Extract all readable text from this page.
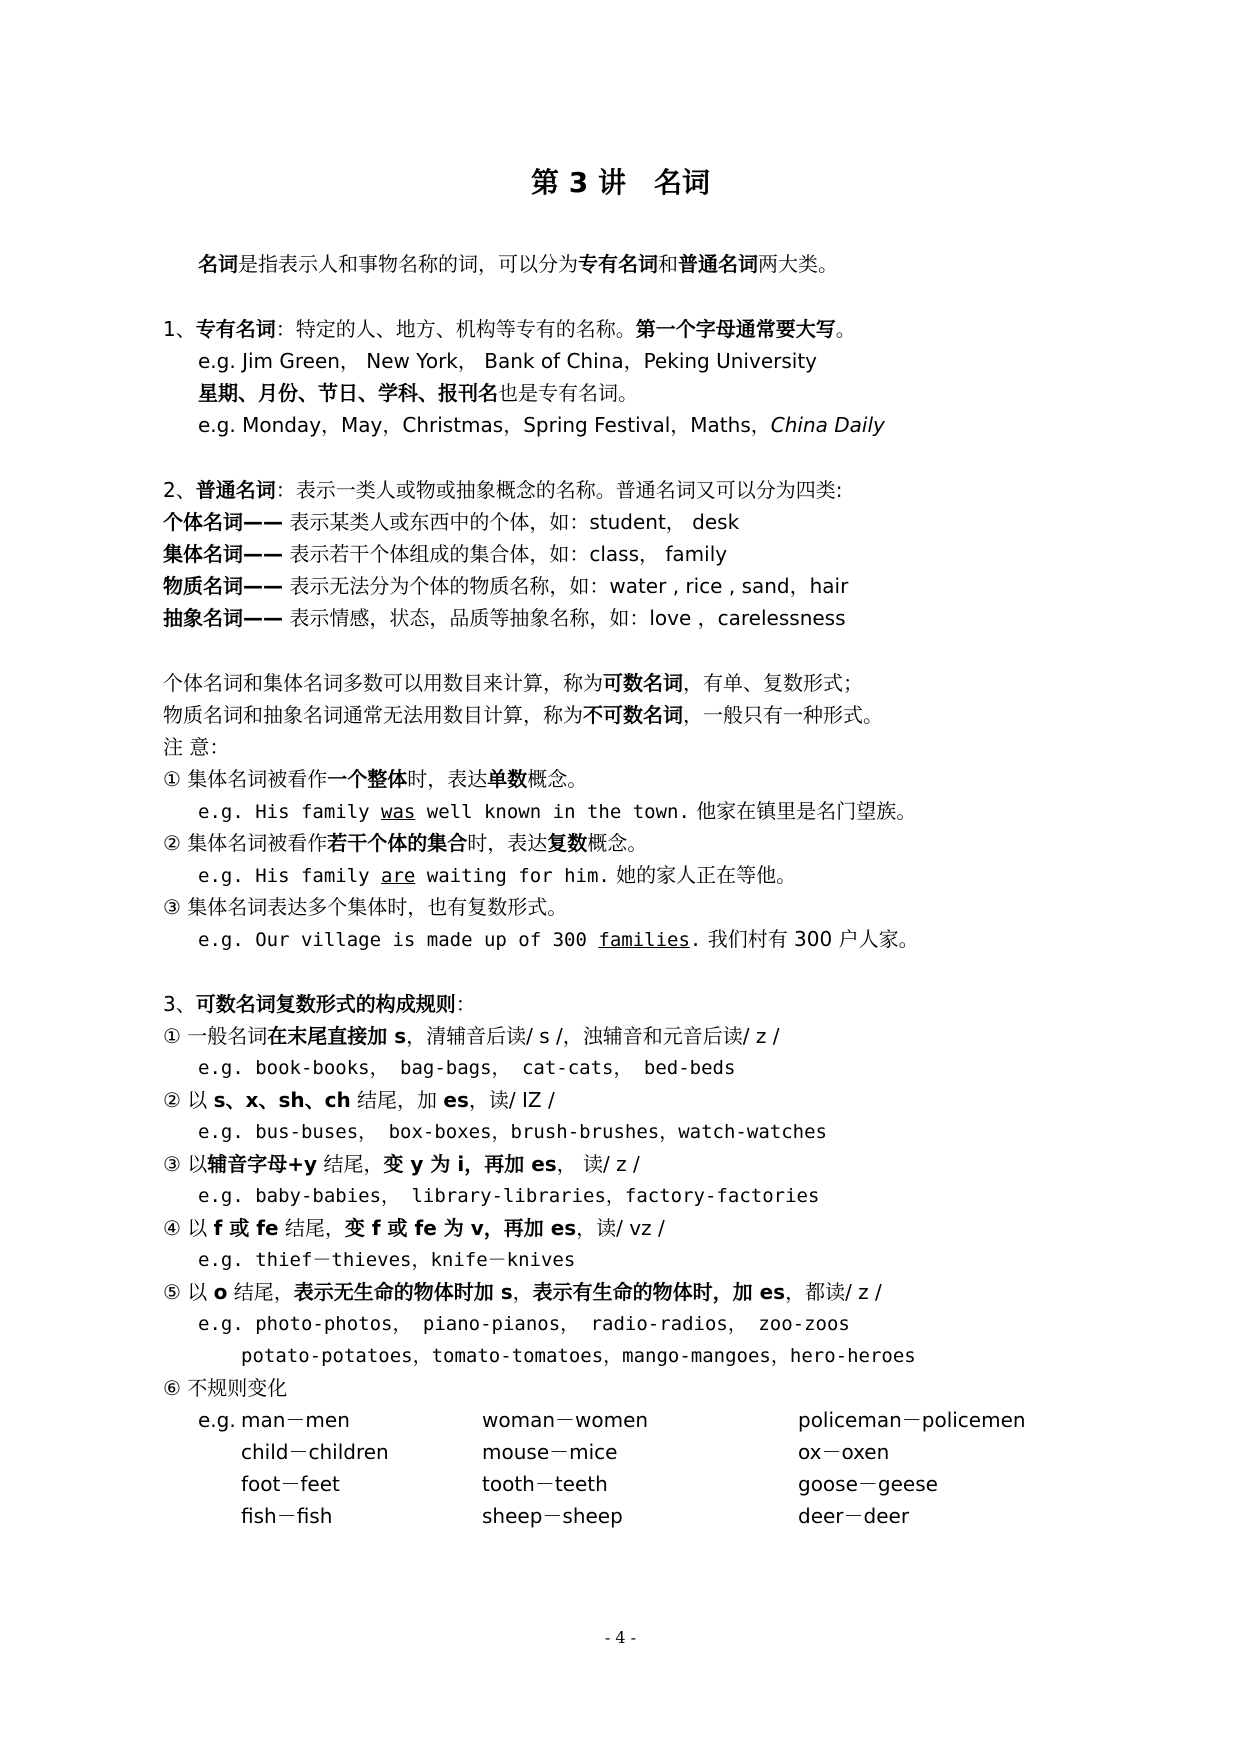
第 3 讲　名词
名词是指表示人和事物名称的词，可以分为专有名词和普通名词两大类。
1、专有名词：特定的人、地方、机构等专有的名称。第一个字母通常要大写。
e.g. Jim Green， New York， Bank of China，Peking University
星期、月份、节日、学科、报刊名也是专有名词。
e.g. Monday，May，Christmas，Spring Festival，Maths，China Daily
2、普通名词：表示一类人或物或抽象概念的名称。普通名词又可以分为四类:
个体名词—— 表示某类人或东西中的个体，如：student， desk
集体名词—— 表示若干个体组成的集合体，如：class， family
物质名词—— 表示无法分为个体的物质名称，如：water , rice , sand，hair
抽象名词—— 表示情感，状态，品质等抽象名称，如：love ，carelessness
个体名词和集体名词多数可以用数目来计算，称为可数名词，有单、复数形式；
物质名词和抽象名词通常无法用数目计算，称为不可数名词，一般只有一种形式。
注 意：
① 集体名词被看作一个整体时，表达单数概念。
e.g. His family was well known in the town. 他家在镇里是名门望族。
② 集体名词被看作若干个体的集合时，表达复数概念。
e.g. His family are waiting for him. 她的家人正在等他。
③ 集体名词表达多个集体时，也有复数形式。
e.g. Our village is made up of 300 families. 我们村有 300 户人家。
3、可数名词复数形式的构成规则：
① 一般名词在末尾直接加 s，清辅音后读/ s /，浊辅音和元音后读/ z /
e.g. book-books， bag-bags， cat-cats， bed-beds
② 以 s、x、sh、ch 结尾，加 es，读/ IZ /
e.g. bus-buses， box-boxes，brush-brushes，watch-watches
③ 以辅音字母+y 结尾，变 y 为 i，再加 es， 读/ z /
e.g. baby-babies， library-libraries，factory-factories
④ 以 f 或 fe 结尾，变 f 或 fe 为 v，再加 es，读/ vz /
e.g. thief－thieves，knife－knives
⑤ 以 o 结尾，表示无生命的物体时加 s，表示有生命的物体时，加 es，都读/ z /
e.g. photo-photos， piano-pianos， radio-radios， zoo-zoos
potato-potatoes，tomato-tomatoes，mango-mangoes，hero-heroes
⑥ 不规则变化
e.g. man－men	woman－women	policeman－policemen
child－children	mouse－mice	ox－oxen
foot－feet	tooth－teeth	goose－geese
fish－fish	sheep－sheep	deer－deer
- 4 -
